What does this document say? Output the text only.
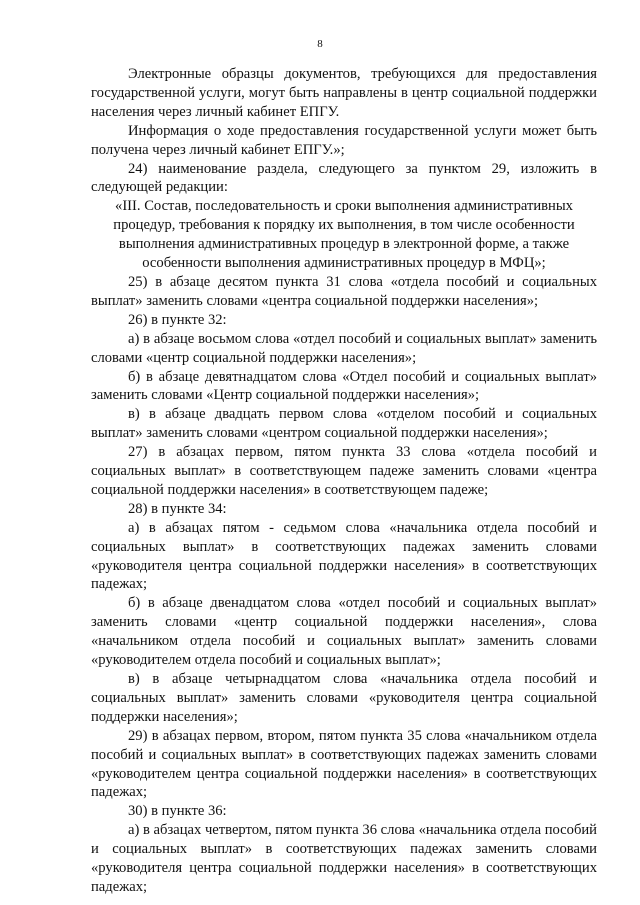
8

Электронные образцы документов, требующихся для предоставления государственной услуги, могут быть направлены в центр социальной поддержки населения через личный кабинет ЕПГУ.

Информация о ходе предоставления государственной услуги может быть получена через личный кабинет ЕПГУ.»;

24) наименование раздела, следующего за пунктом 29, изложить в следующей редакции:

«III. Состав, последовательность и сроки выполнения административных процедур, требования к порядку их выполнения, в том числе особенности выполнения административных процедур в электронной форме, а также особенности выполнения административных процедур в МФЦ»;

25) в абзаце десятом пункта 31 слова «отдела пособий и социальных выплат» заменить словами «центра социальной поддержки населения»;

26) в пункте 32:

а) в абзаце восьмом слова «отдел пособий и социальных выплат» заменить словами «центр социальной поддержки населения»;

б) в абзаце девятнадцатом слова «Отдел пособий и социальных выплат» заменить словами «Центр социальной поддержки населения»;

в) в абзаце двадцать первом слова «отделом пособий и социальных выплат» заменить словами «центром социальной поддержки населения»;

27) в абзацах первом, пятом пункта 33 слова «отдела пособий и социальных выплат» в соответствующем падеже заменить словами «центра социальной поддержки населения» в соответствующем падеже;

28) в пункте 34:

а) в абзацах пятом - седьмом слова «начальника отдела пособий и социальных выплат» в соответствующих падежах заменить словами «руководителя центра социальной поддержки населения» в соответствующих падежах;

б) в абзаце двенадцатом слова «отдел пособий и социальных выплат» заменить словами «центр социальной поддержки населения», слова «начальником отдела пособий и социальных выплат» заменить словами «руководителем отдела пособий и социальных выплат»;

в) в абзаце четырнадцатом слова «начальника отдела пособий и социальных выплат» заменить словами «руководителя центра социальной поддержки населения»;

29) в абзацах первом, втором, пятом пункта 35 слова «начальником отдела пособий и социальных выплат» в соответствующих падежах заменить словами «руководителем центра социальной поддержки населения» в соответствующих падежах;

30) в пункте 36:

а) в абзацах четвертом, пятом пункта 36 слова «начальника отдела пособий и социальных выплат» в соответствующих падежах заменить словами «руководителя центра социальной поддержки населения» в соответствующих падежах;
